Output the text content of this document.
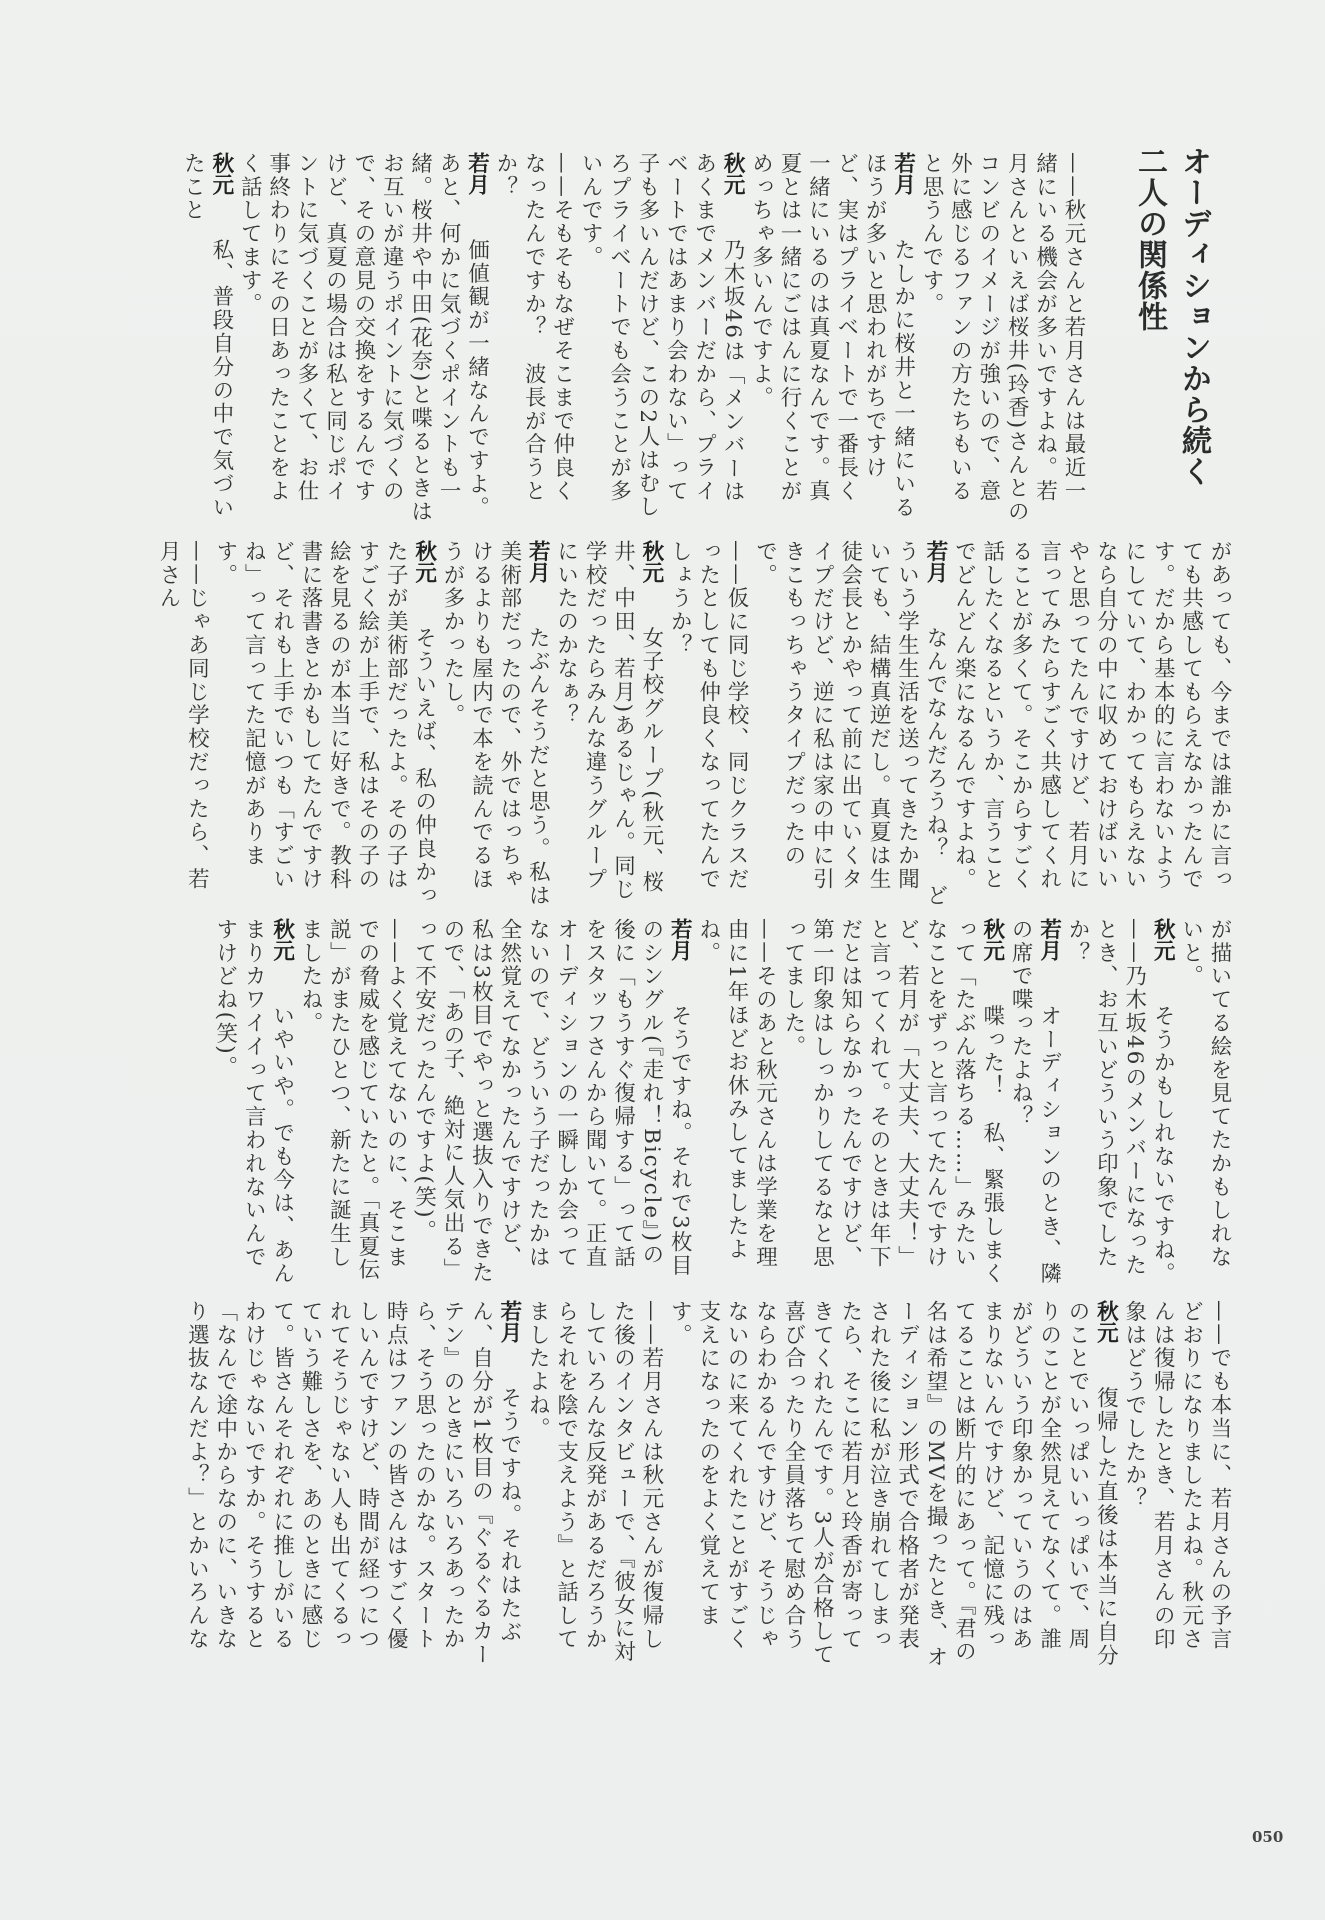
オーディションから続く
二人の関係性

——秋元さんと若月さんは最近一緒にいる機会が多いですよね。若月さんといえば桜井(玲香)さんとのコンビのイメージが強いので、意外に感じるファンの方たちもいると思うんです。

若月　たしかに桜井と一緒にいるほうが多いと思われがちですけど、実はプライベートで一番長く一緒にいるのは真夏なんです。真夏とは一緒にごはんに行くことがめっちゃ多いんですよ。

秋元　乃木坂46は「メンバーはあくまでメンバーだから、プライベートではあまり会わない」って子も多いんだけど、この2人はむしろプライベートでも会うことが多いんです。

——そもそもなぜそこまで仲良くなったんですか？　波長が合うとか？

若月　価値観が一緒なんですよ。あと、何かに気づくポイントも一緒。桜井や中田(花奈)と喋るときはお互いが違うポイントに気づくので、その意見の交換をするんですけど、真夏の場合は私と同じポイントに気づくことが多くて、お仕事終わりにその日あったことをよく話してます。

秋元　私、普段自分の中で気づいたこと

があっても、今までは誰かに言っても共感してもらえなかったんです。だから基本的に言わないようにしていて、わかってもらえないなら自分の中に収めておけばいいやと思ってたんですけど、若月に言ってみたらすごく共感してくれることが多くて。そこからすごく話したくなるというか、言うことでどんどん楽になるんですよね。

若月　なんでなんだろうね？　どういう学生生活を送ってきたか聞いても、結構真逆だし。真夏は生徒会長とかやって前に出ていくタイプだけど、逆に私は家の中に引きこもっちゃうタイプだったので。

——仮に同じ学校、同じクラスだったとしても仲良くなってたんでしょうか？

秋元　女子校グループ(秋元、桜井、中田、若月)あるじゃん。同じ学校だったらみんな違うグループにいたのかなぁ？

若月　たぶんそうだと思う。私は美術部だったので、外ではっちゃけるよりも屋内で本を読んでるほうが多かったし。

秋元　そういえば、私の仲良かった子が美術部だったよ。その子はすごく絵が上手で、私はその子の絵を見るのが本当に好きで。教科書に落書きとかもしてたんですけど、それも上手でいつも「すごいね」って言ってた記憶があります。

——じゃあ同じ学校だったら、若月さん

が描いてる絵を見てたかもしれないと。

秋元　そうかもしれないですね。

——乃木坂46のメンバーになったとき、お互いどういう印象でしたか？

若月　オーディションのとき、隣の席で喋ったよね？

秋元　喋った！　私、緊張しまくって「たぶん落ちる……」みたいなことをずっと言ってたんですけど、若月が「大丈夫、大丈夫！」と言ってくれて。そのときは年下だとは知らなかったんですけど、第一印象はしっかりしてるなと思ってました。

——そのあと秋元さんは学業を理由に1年ほどお休みしてましたよね。

若月　そうですね。それで3枚目のシングル(『走れ！Bicycle』)の後に「もうすぐ復帰する」って話をスタッフさんから聞いて。正直オーディションの一瞬しか会ってないので、どういう子だったかは全然覚えてなかったんですけど、私は3枚目でやっと選抜入りできたので、「あの子、絶対に人気出る」って不安だったんですよ(笑)。

——よく覚えてないのに、そこまでの脅威を感じていたと。「真夏伝説」がまたひとつ、新たに誕生しましたね。

秋元　いやいや。でも今は、あんまりカワイイって言われないんですけどね(笑)。

——でも本当に、若月さんの予言どおりになりましたよね。秋元さんは復帰したとき、若月さんの印象はどうでしたか？

秋元　復帰した直後は本当に自分のことでいっぱいいっぱいで、周りのことが全然見えてなくて。誰がどういう印象かっていうのはあまりないんですけど、記憶に残ってることは断片的にあって。『君の名は希望』のMVを撮ったとき、オーディション形式で合格者が発表された後に私が泣き崩れてしまったら、そこに若月と玲香が寄ってきてくれたんです。3人が合格して喜び合ったり全員落ちて慰め合うならわかるんですけど、そうじゃないのに来てくれたことがすごく支えになったのをよく覚えてます。

——若月さんは秋元さんが復帰した後のインタビューで、『彼女に対していろんな反発があるだろうからそれを陰で支えよう』と話してましたよね。

若月　そうですね。それはたぶん、自分が1枚目の『ぐるぐるカーテン』のときにいろいろあったから、そう思ったのかな。スタート時点はファンの皆さんはすごく優しいんですけど、時間が経つにつれてそうじゃない人も出てくるっていう難しさを、あのときに感じて。皆さんそれぞれに推しがいるわけじゃないですか。そうすると「なんで途中からなのに、いきなり選抜なんだよ？」とかいろんな

050
